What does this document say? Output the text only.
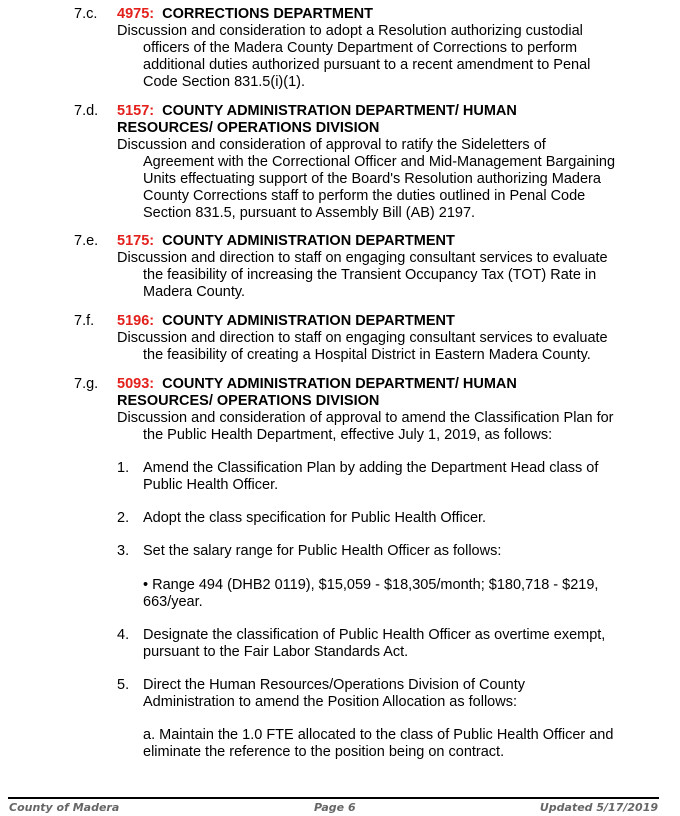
7.c. 4975: CORRECTIONS DEPARTMENT
Discussion and consideration to adopt a Resolution authorizing custodial
officers of the Madera County Department of Corrections to perform
additional duties authorized pursuant to a recent amendment to Penal
Code Section 831.5(i)(1).
7.d. 5157: COUNTY ADMINISTRATION DEPARTMENT/ HUMAN
RESOURCES/ OPERATIONS DIVISION
Discussion and consideration of approval to ratify the Sideletters of
Agreement with the Correctional Officer and Mid-Management Bargaining
Units effectuating support of the Board's Resolution authorizing Madera
County Corrections staff to perform the duties outlined in Penal Code
Section 831.5, pursuant to Assembly Bill (AB) 2197.
7.e. 5175: COUNTY ADMINISTRATION DEPARTMENT
Discussion and direction to staff on engaging consultant services to evaluate
the feasibility of increasing the Transient Occupancy Tax (TOT) Rate in
Madera County.
7.f. 5196: COUNTY ADMINISTRATION DEPARTMENT
Discussion and direction to staff on engaging consultant services to evaluate
the feasibility of creating a Hospital District in Eastern Madera County.
7.g. 5093: COUNTY ADMINISTRATION DEPARTMENT/ HUMAN
RESOURCES/ OPERATIONS DIVISION
Discussion and consideration of approval to amend the Classification Plan for
the Public Health Department, effective July 1, 2019, as follows:
1. Amend the Classification Plan by adding the Department Head class of
Public Health Officer.
2. Adopt the class specification for Public Health Officer.
3. Set the salary range for Public Health Officer as follows:
• Range 494 (DHB2 0119), $15,059 - $18,305/month; $180,718 - $219,
663/year.
4. Designate the classification of Public Health Officer as overtime exempt,
pursuant to the Fair Labor Standards Act.
5. Direct the Human Resources/Operations Division of County
Administration to amend the Position Allocation as follows:
a. Maintain the 1.0 FTE allocated to the class of Public Health Officer and
eliminate the reference to the position being on contract.
County of Madera	Page 6	Updated 5/17/2019
